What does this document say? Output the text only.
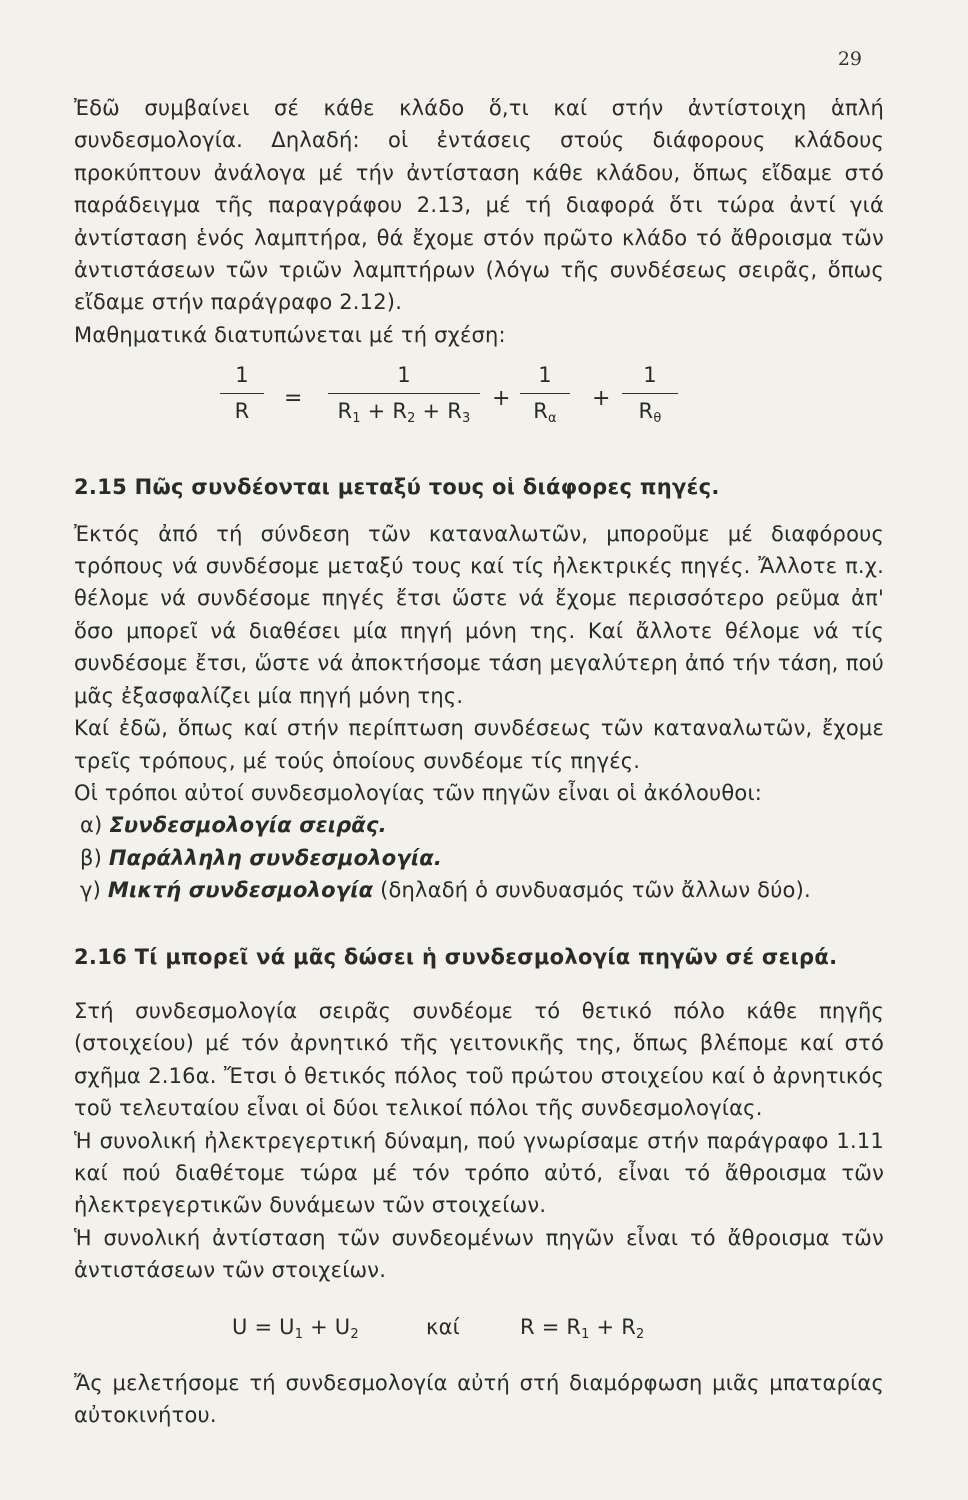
29

Ἐδῶ συμβαίνει σέ κάθε κλάδο ὅ,τι καί στήν ἀντίστοιχη ἁπλή συνδεσμολογία. Δηλαδή: οἱ ἐντάσεις στούς διάφορους κλάδους προκύπτουν ἀνάλογα μέ τήν ἀντίσταση κάθε κλάδου, ὅπως εἴδαμε στό παράδειγμα τῆς παραγράφου 2.13, μέ τή διαφορά ὅτι τώρα ἀντί γιά ἀντίσταση ἑνός λαμπτήρα, θά ἔχομε στόν πρῶτο κλάδο τό ἄθροισμα τῶν ἀντιστάσεων τῶν τριῶν λαμπτήρων (λόγω τῆς συνδέσεως σειρᾶς, ὅπως εἴδαμε στήν παράγραφο 2.12).

Μαθηματικά διατυπώνεται μέ τή σχέση:

1
R	=
1
$R_1 + R_2 + R_3$
+
1
$R_\alpha$
+
1
$R_\theta$
2.15 Πῶς συνδέονται μεταξύ τους οἱ διάφορες πηγές.

Ἐκτός ἀπό τή σύνδεση τῶν καταναλωτῶν, μποροῦμε μέ διαφόρους τρόπους νά συνδέσομε μεταξύ τους καί τίς ἠλεκτρικές πηγές. Ἄλλοτε π.χ. θέλομε νά συνδέσομε πηγές ἔτσι ὥστε νά ἔχομε περισσότερο ρεῦμα ἀπ' ὅσο μπορεῖ νά διαθέσει μία πηγή μόνη της. Καί ἄλλοτε θέλομε νά τίς συνδέσομε ἔτσι, ὥστε νά ἀποκτήσομε τάση μεγαλύτερη ἀπό τήν τάση, πού μᾶς ἐξασφαλίζει μία πηγή μόνη της.

Καί ἐδῶ, ὅπως καί στήν περίπτωση συνδέσεως τῶν καταναλωτῶν, ἔχομε τρεῖς τρόπους, μέ τούς ὁποίους συνδέομε τίς πηγές.

Οἱ τρόποι αὐτοί συνδεσμολογίας τῶν πηγῶν εἶναι οἱ ἀκόλουθοι:

α) Συνδεσμολογία σειρᾶς.

β) Παράλληλη συνδεσμολογία.

γ) Μικτή συνδεσμολογία (δηλαδή ὁ συνδυασμός τῶν ἄλλων δύο).

2.16 Τί μπορεῖ νά μᾶς δώσει ἡ συνδεσμολογία πηγῶν σέ σειρά.

Στή συνδεσμολογία σειρᾶς συνδέομε τό θετικό πόλο κάθε πηγῆς (στοιχείου) μέ τόν ἀρνητικό τῆς γειτονικῆς της, ὅπως βλέπομε καί στό σχῆμα 2.16α. Ἔτσι ὁ θετικός πόλος τοῦ πρώτου στοιχείου καί ὁ ἀρνητικός τοῦ τελευταίου εἶναι οἱ δύοι τελικοί πόλοι τῆς συνδεσμολογίας.

Ἡ συνολική ἠλεκτρεγερτική δύναμη, πού γνωρίσαμε στήν παράγραφο 1.11 καί πού διαθέτομε τώρα μέ τόν τρόπο αὐτό, εἶναι τό ἄθροισμα τῶν ἠλεκτρεγερτικῶν δυνάμεων τῶν στοιχείων.

Ἡ συνολική ἀντίσταση τῶν συνδεομένων πηγῶν εἶναι τό ἄθροισμα τῶν ἀντιστάσεων τῶν στοιχείων.

$U = U_1 + U_2$	καί	$R = R_1 + R_2$

Ἄς μελετήσομε τή συνδεσμολογία αὐτή στή διαμόρφωση μιᾶς μπαταρίας αὐτοκινήτου.
